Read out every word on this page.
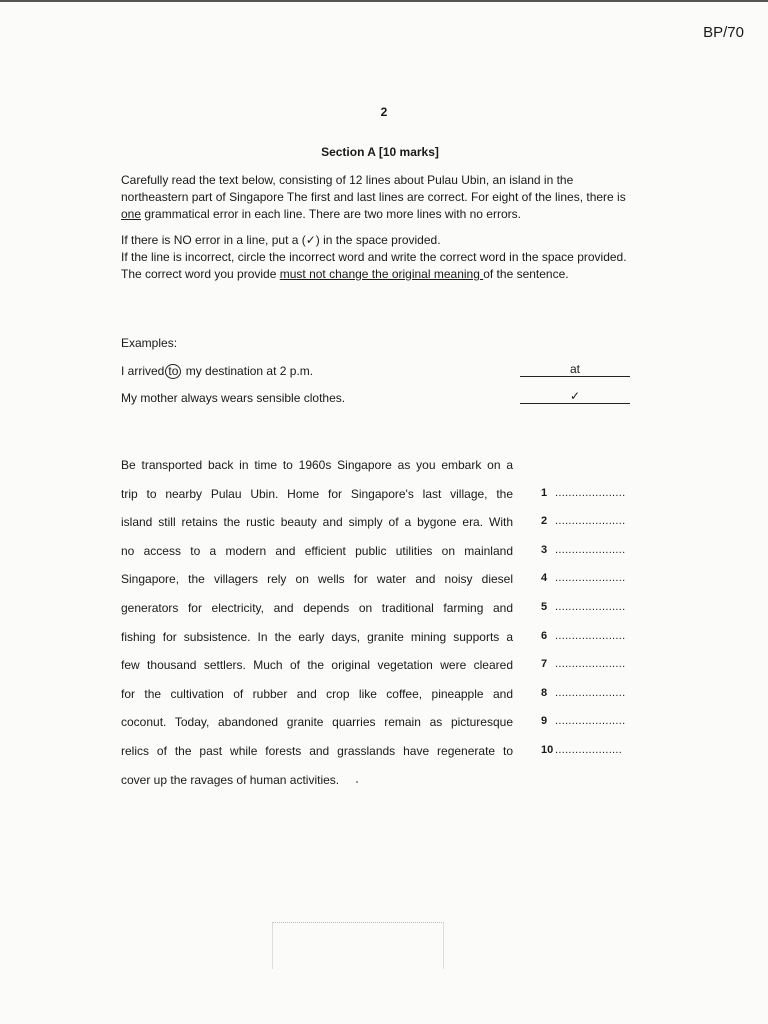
BP/70
2
Section A [10 marks]

Carefully read the text below, consisting of 12 lines about Pulau Ubin, an island in the northeastern part of Singapore The first and last lines are correct. For eight of the lines, there is one grammatical error in each line. There are two more lines with no errors.

If there is NO error in a line, put a (✓) in the space provided.

If the line is incorrect, circle the incorrect word and write the correct word in the space provided.

The correct word you provide must not change the original meaning of the sentence.

Examples:
I arrived to my destination at 2 p.m.	at
My mother always wears sensible clothes.	✓
Be transported back in time to 1960s Singapore as you embark on a
trip to nearby Pulau Ubin. Home for Singapore's last village, the
island still retains the rustic beauty and simply of a bygone era. With
no access to a modern and efficient public utilities on mainland
Singapore, the villagers rely on wells for water and noisy diesel
generators for electricity, and depends on traditional farming and
fishing for subsistence. In the early days, granite mining supports a
few thousand settlers. Much of the original vegetation were cleared
for the cultivation of rubber and crop like coffee, pineapple and
coconut. Today, abandoned granite quarries remain as picturesque
relics of the past while forests and grasslands have regenerate to
cover up the ravages of human activities.
1 .....................
2 .....................
3 .....................
4 .....................
5 .....................
6 .....................
7 .....................
8 .....................
9 .....................
10 ....................
